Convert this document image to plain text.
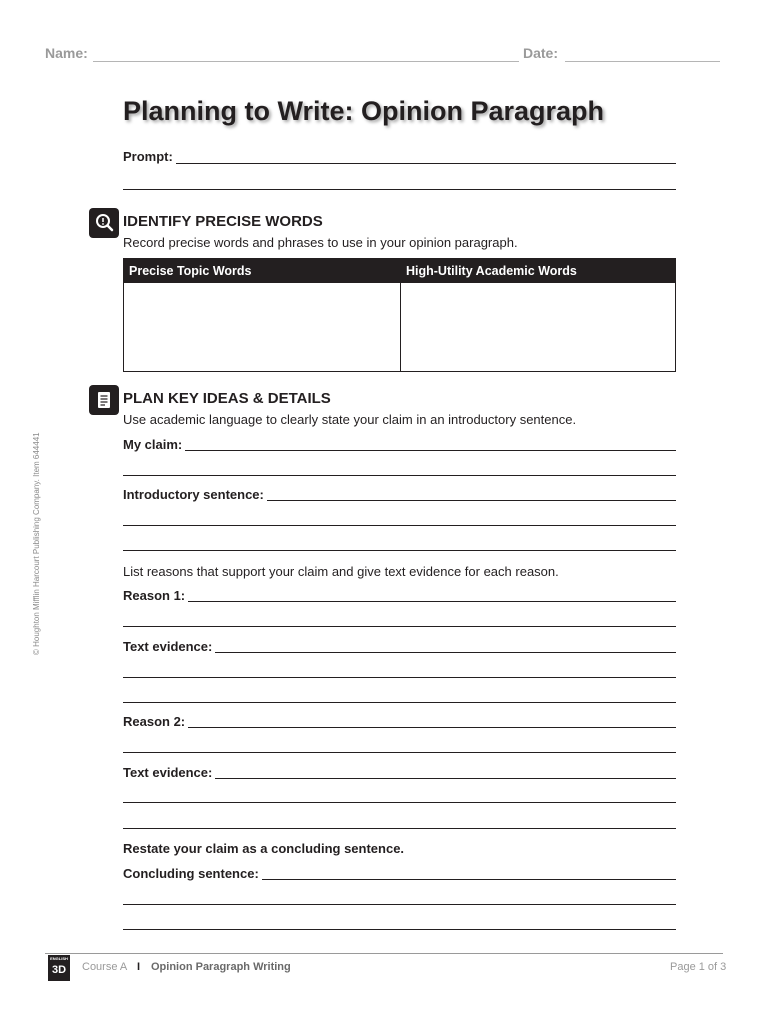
Name:	Date:
Planning to Write: Opinion Paragraph
Prompt:
IDENTIFY PRECISE WORDS
Record precise words and phrases to use in your opinion paragraph.
Precise Topic Words	High-Utility Academic Words

PLAN KEY IDEAS & DETAILS
Use academic language to clearly state your claim in an introductory sentence.
My claim:
Introductory sentence:
List reasons that support your claim and give text evidence for each reason.
Reason 1:
Text evidence:
Reason 2:
Text evidence:
Restate your claim as a concluding sentence.
Concluding sentence:
© Houghton Mifflin Harcourt Publishing Company. Item 644441
ENGLISH
3D	Course A I Opinion Paragraph Writing	Page 1 of 3
